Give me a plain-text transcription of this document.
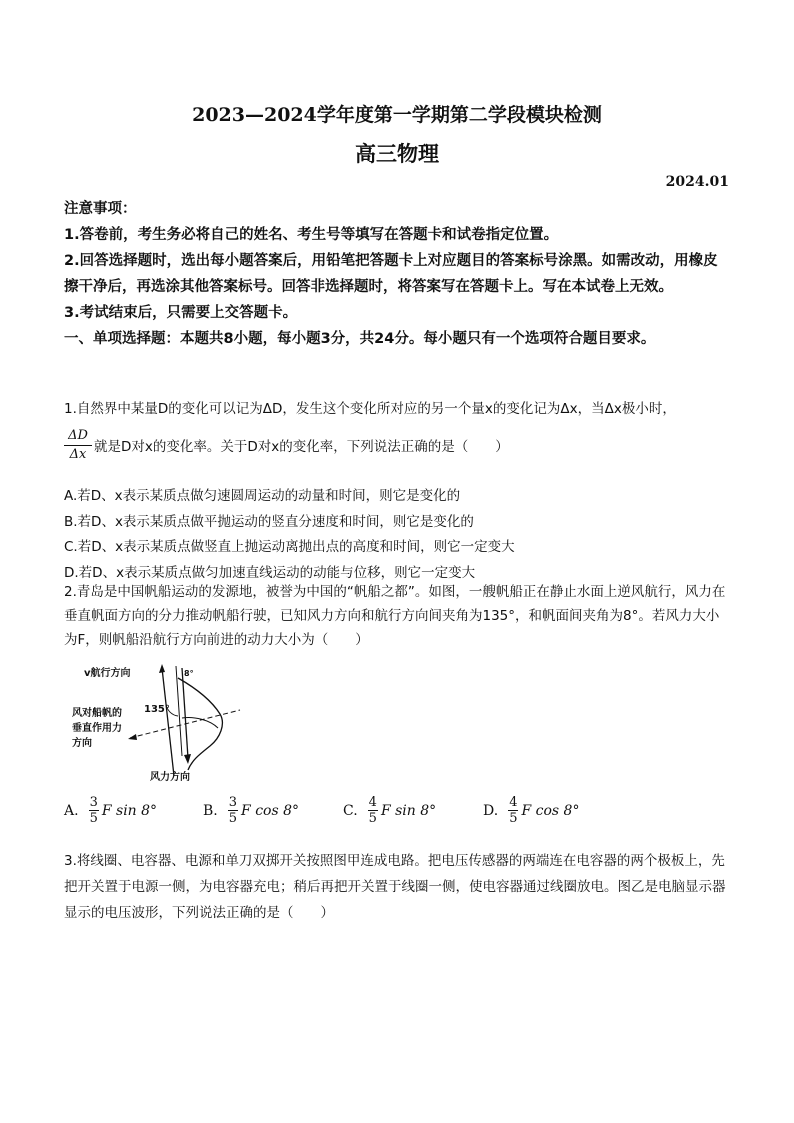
2023—2024学年度第一学期第二学段模块检测
高三物理
2024.01

注意事项：

1.答卷前，考生务必将自己的姓名、考生号等填写在答题卡和试卷指定位置。

2.回答选择题时，选出每小题答案后，用铅笔把答题卡上对应题目的答案标号涂黑。如需改动，用橡皮擦干净后，再选涂其他答案标号。回答非选择题时，将答案写在答题卡上。写在本试卷上无效。

3.考试结束后，只需要上交答题卡。

一、单项选择题：本题共8小题，每小题3分，共24分。每小题只有一个选项符合题目要求。

1.自然界中某量D的变化可以记为ΔD，发生这个变化所对应的另一个量x的变化记为Δx，当Δx极小时，

$\frac{\Delta D}{\Delta x}$ 就是D对x的变化率。关于D对x的变化率，下列说法正确的是（　　）

A.若D、x表示某质点做匀速圆周运动的动量和时间，则它是变化的

B.若D、x表示某质点做平抛运动的竖直分速度和时间，则它是变化的

C.若D、x表示某质点做竖直上抛运动离抛出点的高度和时间，则它一定变大

D.若D、x表示某质点做匀加速直线运动的动能与位移，则它一定变大

2.青岛是中国帆船运动的发源地，被誉为中国的“帆船之都”。如图，一艘帆船正在静止水面上逆风航行，风力在垂直帆面方向的分力推动帆船行驶，已知风力方向和航行方向间夹角为135°，和帆面间夹角为8°。若风力大小为F，则帆船沿航行方向前进的动力大小为（　　）

135°
8°
v航行方向
风对船帆的
垂直作用力
方向
风力方向
A. $\frac{3}{5}$ F sin 8°	B. $\frac{3}{5}$ F cos 8°	C. $\frac{4}{5}$ F sin 8°	D. $\frac{4}{5}$ F cos 8°

3.将线圈、电容器、电源和单刀双掷开关按照图甲连成电路。把电压传感器的两端连在电容器的两个极板上，先把开关置于电源一侧，为电容器充电；稍后再把开关置于线圈一侧，使电容器通过线圈放电。图乙是电脑显示器显示的电压波形，下列说法正确的是（　　）
